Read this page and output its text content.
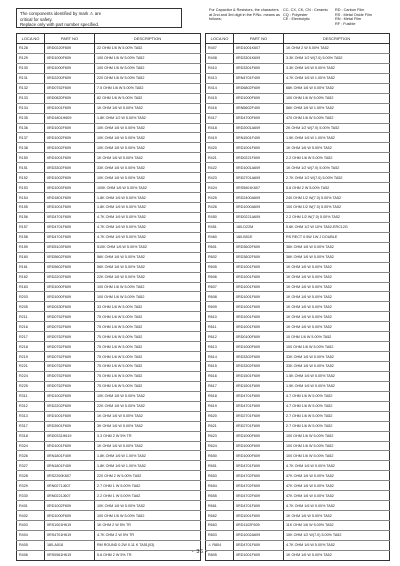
The components identified by mark ⚠ are
critical for safety.
Replace only with part number specified.
For Capacitor & Resistors, the characters at 2nd and 3rd digit in the P/No. means as follows;
CC, CX, CK, CN : Ceramic
CQ : Polyester
CE : Electrolytic
RD : Carbon Film
RS : Metal Oxide Film
RN : Metal Film
RF : Fusible
LOCA NO	PART NO	DESCRIPTION
R128	0RD0220F609	22 OHM 1/6 W 5.00% TA52
R129	0RD1000F609	100 OHM 1/6 W 5.00% TA52
R130	0RD1000F609	100 OHM 1/6 W 5.00% TA52
R131	0RD2200F609	220 OHM 1/6 W 5.00% TA52
R132	0RD0752F609	7.5 OHM 1/6 W 5.00% TA52
R133	0RD0820F609	82 OHM 1/6 W 5.00% TA52
R134	0RD1001F609	1K OHM 1/6 W 5.00% TA52
R135	0RD1801H609	1.8K OHM 1/2 W 5.00% TA52
R136	0RD1002F609	10K OHM 1/6 W 5.00% TA52
R137	0RD1002F609	10K OHM 1/6 W 5.00% TA52
R138	0RD1002F609	10K OHM 1/6 W 5.00% TA52
R150	0RD1001F609	1K OHM 1/6 W 5.00% TA52
R151	0RD3302F609	33K OHM 1/6 W 5.00% TA52
R152	0RD1002F609	10K OHM 1/6 W 5.00% TA52
R153	0RD1003F609	100K OHM 1/6 W 5.00% TA52
R154	0RD1801F609	1.8K OHM 1/6 W 5.00% TA52
R155	0RD1001F609	1.8K OHM 1/6 W 5.00% TA52
R156	0RD4701F609	4.7K OHM 1/6 W 5.00% TA52
R157	0RD4701F609	4.7K OHM 1/6 W 5.00% TA52
R158	0RD4701F609	4.7K OHM 1/6 W 5.00% TA52
R159	0RD5103F609	510K OHM 1/6 W 5.00% TA52
R160	0RD5602F609	56K OHM 1/6 W 5.00% TA52
R161	0RD5602F609	56K OHM 1/6 W 5.00% TA52
R162	0RD2202F609	22K OHM 1/6 W 5.00% TA52
R163	0RD1000F609	100 OHM 1/6 W 5.00% TA52
R203	0RD1000F609	100 OHM 1/6 W 5.00% TA52
R205	0RD0330F609	33 OHM 1/6 W 5.00% TA52
R211	0RD0752F609	75 OHM 1/6 W 5.00% TA52
R216	0RD0752F609	75 OHM 1/6 W 5.00% TA52
R217	0RD0752F609	75 OHM 1/6 W 5.00% TA52
R218	0RD0752F609	75 OHM 1/6 W 5.00% TA52
R219	0RD0752F609	75 OHM 1/6 W 5.00% TA52
R221	0RD0752F609	75 OHM 1/6 W 5.00% TA52
R224	0RD0752F609	75 OHM 1/6 W 5.00% TA52
R225	0RD0752F609	75 OHM 1/6 W 5.00% TA52
R311	0RD1002F609	10K OHM 1/6 W 5.00% TA52
R312	0RD2202F609	22K OHM 1/6 W 5.00% TA52
R313	0RD1001F609	1K OHM 1/6 W 5.00% TA52
R317	0RD3901F609	3K OHM 1/6 W 5.00% TA52
R318	0RD0331H619	3.3 OHM 2 W 5% TR
R324	0RD1001F609	1K OHM 1/6 W 5.00% TA52
R326	0RN1801F409	1.8K OHM 1/6 W 1.00% TA52
R327	0RN1801F409	1.8K OHM 1/6 W 1.00% TA52
R328	0RS2200K607	220 OHM 2 W 5.00% TA52
R329	0RN0271J607	2.7 OHM 1 W 5.00% TA62
R330	0RN0221J607	2.2 OHM 1 W 5.00% TA62
R401	0RD1002F609	10K OHM 1/6 W 5.00% TA52
R402	0RD1000F609	100 OHM 1/6 W 5.00% TA52
R403	0RS1001H619	1K OHM 2 W 5% TR
R404	0RS4701H619	4.7K OHM 2 W 5% TR
R405	180-A018	RM ROUND 0.2W 0.11 K TA51(03)
R406	0RS0561H619	5.6 OHM 2 W 5% TR
LOCA NO	PART NO	DESCRIPTION
R407	0RD1001K607	1K OHM 2 W 5.00% TA52
R408	0RD3301K609	3.3K OHM 1/2 W(7.0) 5.00% TA52
R410	0RD3301F609	3.3K OHM 1/6 W 5.00% TA52
R413	0RN4701F409	4.7K OHM 1/6 W 1.00% TA52
R414	0RD6802F609	68K OHM 1/6 W 5.00% TA52
R415	0RD1000F609	100 OHM 1/6 W 5.00% TA52
R416	0RN5602F409	56K OHM 1/6 W 1.00% TA52
R417	0RD4700F609	470 OHM 1/6 W 5.00% TA52
R418	0RD2001A609	2K OHM 1/2 W(7.0) 5.00% TA52
R419	0RN1501F409	1.5K OHM 1/6 W 1.00% TA52
R420	0RD1001F609	1K OHM 1/6 W 5.00% TA52
R421	0RD0221F609	2.2 OHM 1/6 W 5.00% TA52
R422	0RD1001A609	1K OHM 1/2 W(7.0) 5.00% TA52
R423	0RD2701A609	2.7K OHM 1/2 W(7.0) 5.00% TA52
R424	0RS5601K607	5.6 OHM 2 W 5.00% TA52
R425	0RD2400A609	240 OHM 1/2 W(7.0) 5.00% TA52
R426	0RD1000A609	100 OHM 1/2 W(7.0) 5.00% TA52
R450	0RD0221A609	2.2 OHM 1/2 W(7.0) 5.00% TA52
R451	180-D22M	5.6K OHM 1/2 W 10% TA52-ERC12G
R460	180-B01E	RS RECT 0.5W 1W J DOUBLE
R601	0RD3602F609	36K OHM 1/6 W 5.00% TA52
R602	0RD3602F609	36K OHM 1/6 W 5.00% TA52
R605	0RD1001F609	1K OHM 1/6 W 5.00% TA52
R606	0RD1001F609	1K OHM 1/6 W 5.00% TA52
R607	0RD1001F609	1K OHM 1/6 W 5.00% TA52
R608	0RD1001F609	1K OHM 1/6 W 5.00% TA52
R609	0RD1001F609	1K OHM 1/6 W 5.00% TA52
R610	0RD1001F609	1K OHM 1/6 W 5.00% TA52
R611	0RD1001F609	1K OHM 1/6 W 5.00% TA52
R612	0RD0100F609	10 OHM 1/6 W 5.00% TA52
R613	0RD1000F609	100 OHM 1/6 W 5.00% TA52
R614	0RD3302F609	33K OHM 1/6 W 5.00% TA52
R615	0RD3302F609	33K OHM 1/6 W 5.00% TA52
R616	0RD1501F609	1.5K OHM 1/6 W 5.00% TA52
R617	0RD1501F609	1.5K OHM 1/6 W 5.00% TA52
R618	0RD4701F609	4.7 OHM 1/6 W 5.00% TA52
R619	0RD4701F609	4.7 OHM 1/6 W 5.00% TA52
R620	0RD2701F609	2.7 OHM 1/6 W 5.00% TA52
R621	0RD2701F609	2.7 OHM 1/6 W 5.00% TA52
R623	0RD1000F609	100 OHM 1/6 W 5.00% TA52
R624	0RD1000F609	100 OHM 1/6 W 5.00% TA52
R650	0RD1000F609	100 OHM 1/6 W 5.00% TA52
R651	0RD4701F609	4.7K OHM 1/6 W 5.00% TA52
R653	0RD4702F609	47K OHM 1/6 W 5.00% TA52
R654	0RD4702F609	47K OHM 1/6 W 5.00% TA52
R655	0RD4702F609	47K OHM 1/6 W 5.00% TA52
R661	0RD4701F609	4.7K OHM 1/6 W 5.00% TA52
R662	0RD1001F609	1K OHM 1/6 W 5.00% TA52
R663	0RD1102F609	11K OHM 1/6 W 5.00% TA52
R803	0RD1002A609	10K OHM 1/2 W(7.0) 5.00% TA52
⚠ R804	0RD4701F609	4.7K OHM 1/6 W 5.00% TA52
R805	0RD1001F609	1K OHM 1/6 W 5.00% TA52
- 36 -
